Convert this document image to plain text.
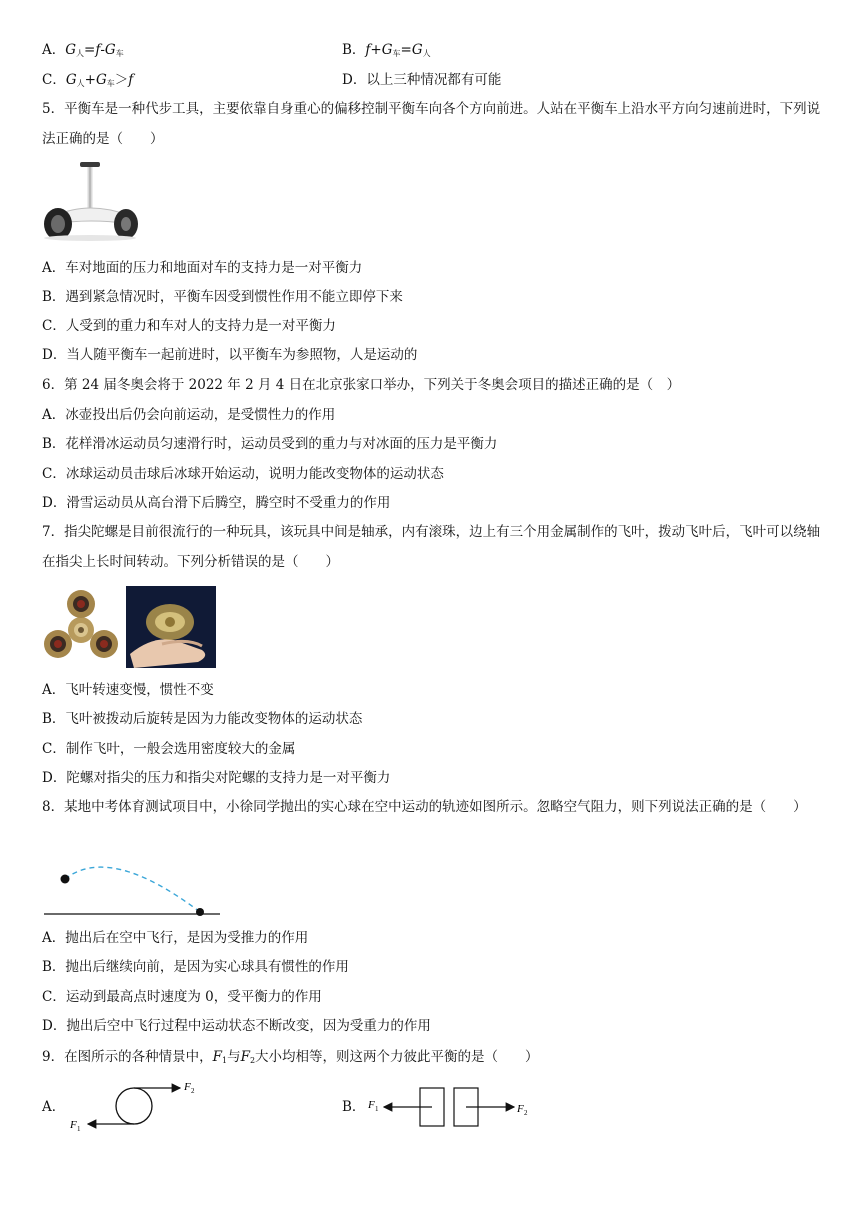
A．$G_人=f-G_车$	B．$f+G_车=G_人$
C．$G_人+G_车>f$	D．以上三种情况都有可能
5．平衡车是一种代步工具，主要依靠自身重心的偏移控制平衡车向各个方向前进。人站在平衡车上沿水平方向匀速前进时，下列说法正确的是（　　）
A．车对地面的压力和地面对车的支持力是一对平衡力
B．遇到紧急情况时，平衡车因受到惯性作用不能立即停下来
C．人受到的重力和车对人的支持力是一对平衡力
D．当人随平衡车一起前进时，以平衡车为参照物，人是运动的
6．第 24 届冬奥会将于 2022 年 2 月 4 日在北京张家口举办，下列关于冬奥会项目的描述正确的是（　）
A．冰壶投出后仍会向前运动，是受惯性力的作用
B．花样滑冰运动员匀速滑行时，运动员受到的重力与对冰面的压力是平衡力
C．冰球运动员击球后冰球开始运动，说明力能改变物体的运动状态
D．滑雪运动员从高台滑下后腾空，腾空时不受重力的作用
7．指尖陀螺是目前很流行的一种玩具，该玩具中间是轴承，内有滚珠，边上有三个用金属制作的飞叶，拨动飞叶后，飞叶可以绕轴在指尖上长时间转动。下列分析错误的是（　　）
A．飞叶转速变慢，惯性不变
B．飞叶被拨动后旋转是因为力能改变物体的运动状态
C．制作飞叶，一般会选用密度较大的金属
D．陀螺对指尖的压力和指尖对陀螺的支持力是一对平衡力
8．某地中考体育测试项目中，小徐同学抛出的实心球在空中运动的轨迹如图所示。忽略空气阻力，则下列说法正确的是（　　）
A．抛出后在空中飞行，是因为受推力的作用
B．抛出后继续向前，是因为实心球具有惯性的作用
C．运动到最高点时速度为 0，受平衡力的作用
D．抛出后空中飞行过程中运动状态不断改变，因为受重力的作用
9．在图所示的各种情景中，$F_1$与$F_2$大小均相等，则这两个力彼此平衡的是（　　）
A．
F 2
F 1
B． F 1	F 2
